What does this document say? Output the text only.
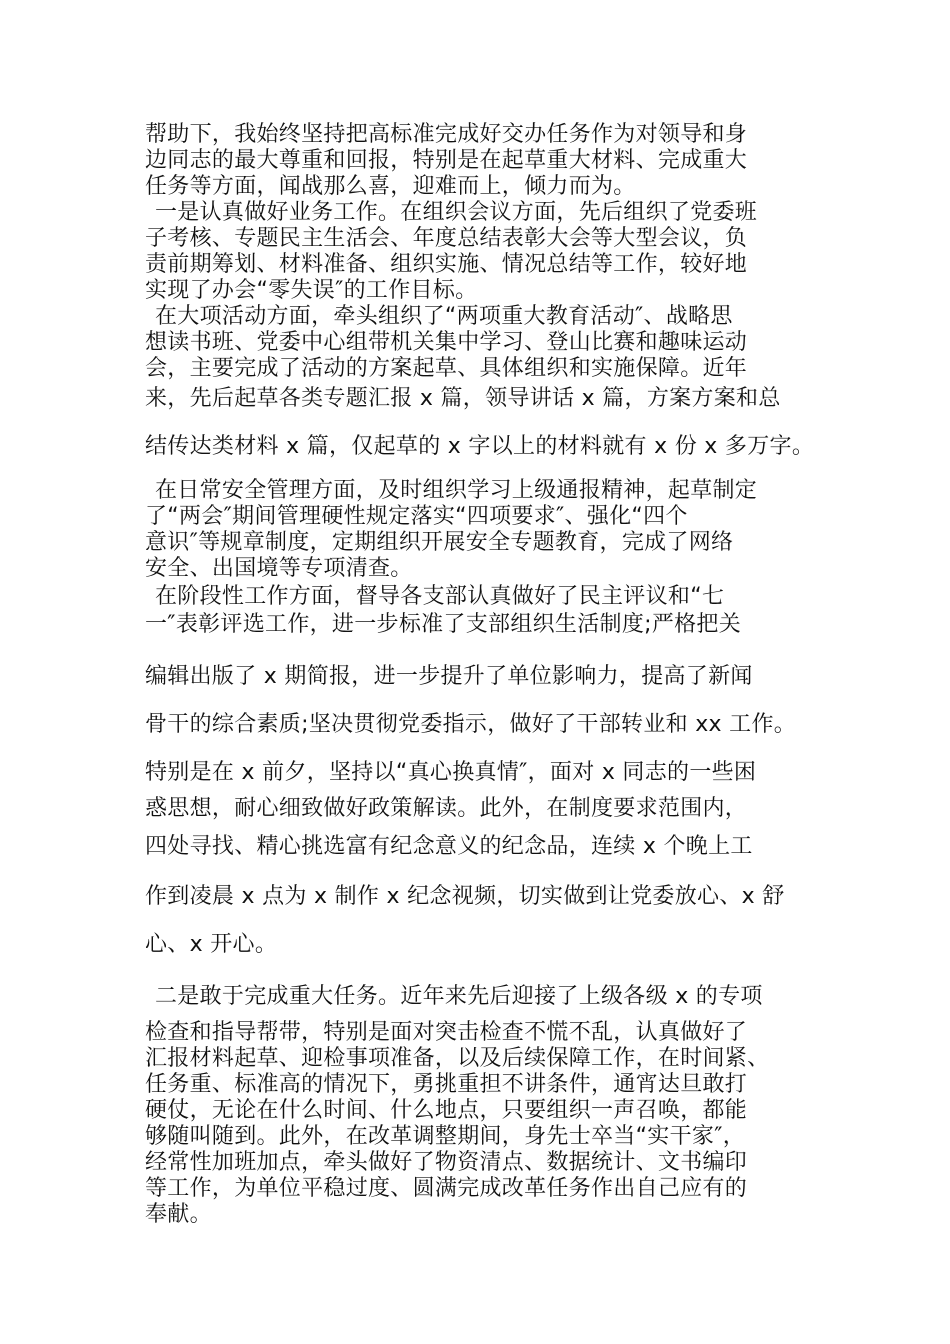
帮助下，我始终坚持把高标准完成好交办任务作为对领导和身
边同志的最大尊重和回报，特别是在起草重大材料、完成重大
任务等方面，闻战那么喜，迎难而上，倾力而为。
一是认真做好业务工作。在组织会议方面，先后组织了党委班
子考核、专题民主生活会、年度总结表彰大会等大型会议，负
责前期筹划、材料准备、组织实施、情况总结等工作，较好地
实现了办会“零失误″的工作目标。
在大项活动方面，牵头组织了“两项重大教育活动″、战略思
想读书班、党委中心组带机关集中学习、登山比赛和趣味运动
会，主要完成了活动的方案起草、具体组织和实施保障。近年
来，先后起草各类专题汇报 x 篇，领导讲话 x 篇，方案方案和总
结传达类材料 x 篇，仅起草的 x 字以上的材料就有 x 份 x 多万字。
在日常安全管理方面，及时组织学习上级通报精神，起草制定
了“两会″期间管理硬性规定落实“四项要求″、强化“四个
意识″等规章制度，定期组织开展安全专题教育，完成了网络
安全、出国境等专项清查。
在阶段性工作方面，督导各支部认真做好了民主评议和“七
一″表彰评选工作，进一步标准了支部组织生活制度;严格把关
编辑出版了 x 期简报，进一步提升了单位影响力，提高了新闻
骨干的综合素质;坚决贯彻党委指示，做好了干部转业和 xx 工作。
特别是在 x 前夕，坚持以“真心换真情″，面对 x 同志的一些困
惑思想，耐心细致做好政策解读。此外，在制度要求范围内，
四处寻找、精心挑选富有纪念意义的纪念品，连续 x 个晚上工
作到凌晨 x 点为 x 制作 x 纪念视频，切实做到让党委放心、x 舒
心、x 开心。
二是敢于完成重大任务。近年来先后迎接了上级各级 x 的专项
检查和指导帮带，特别是面对突击检查不慌不乱，认真做好了
汇报材料起草、迎检事项准备，以及后续保障工作，在时间紧、
任务重、标准高的情况下，勇挑重担不讲条件，通宵达旦敢打
硬仗，无论在什么时间、什么地点，只要组织一声召唤，都能
够随叫随到。此外，在改革调整期间，身先士卒当“实干家″，
经常性加班加点，牵头做好了物资清点、数据统计、文书编印
等工作，为单位平稳过度、圆满完成改革任务作出自己应有的
奉献。
